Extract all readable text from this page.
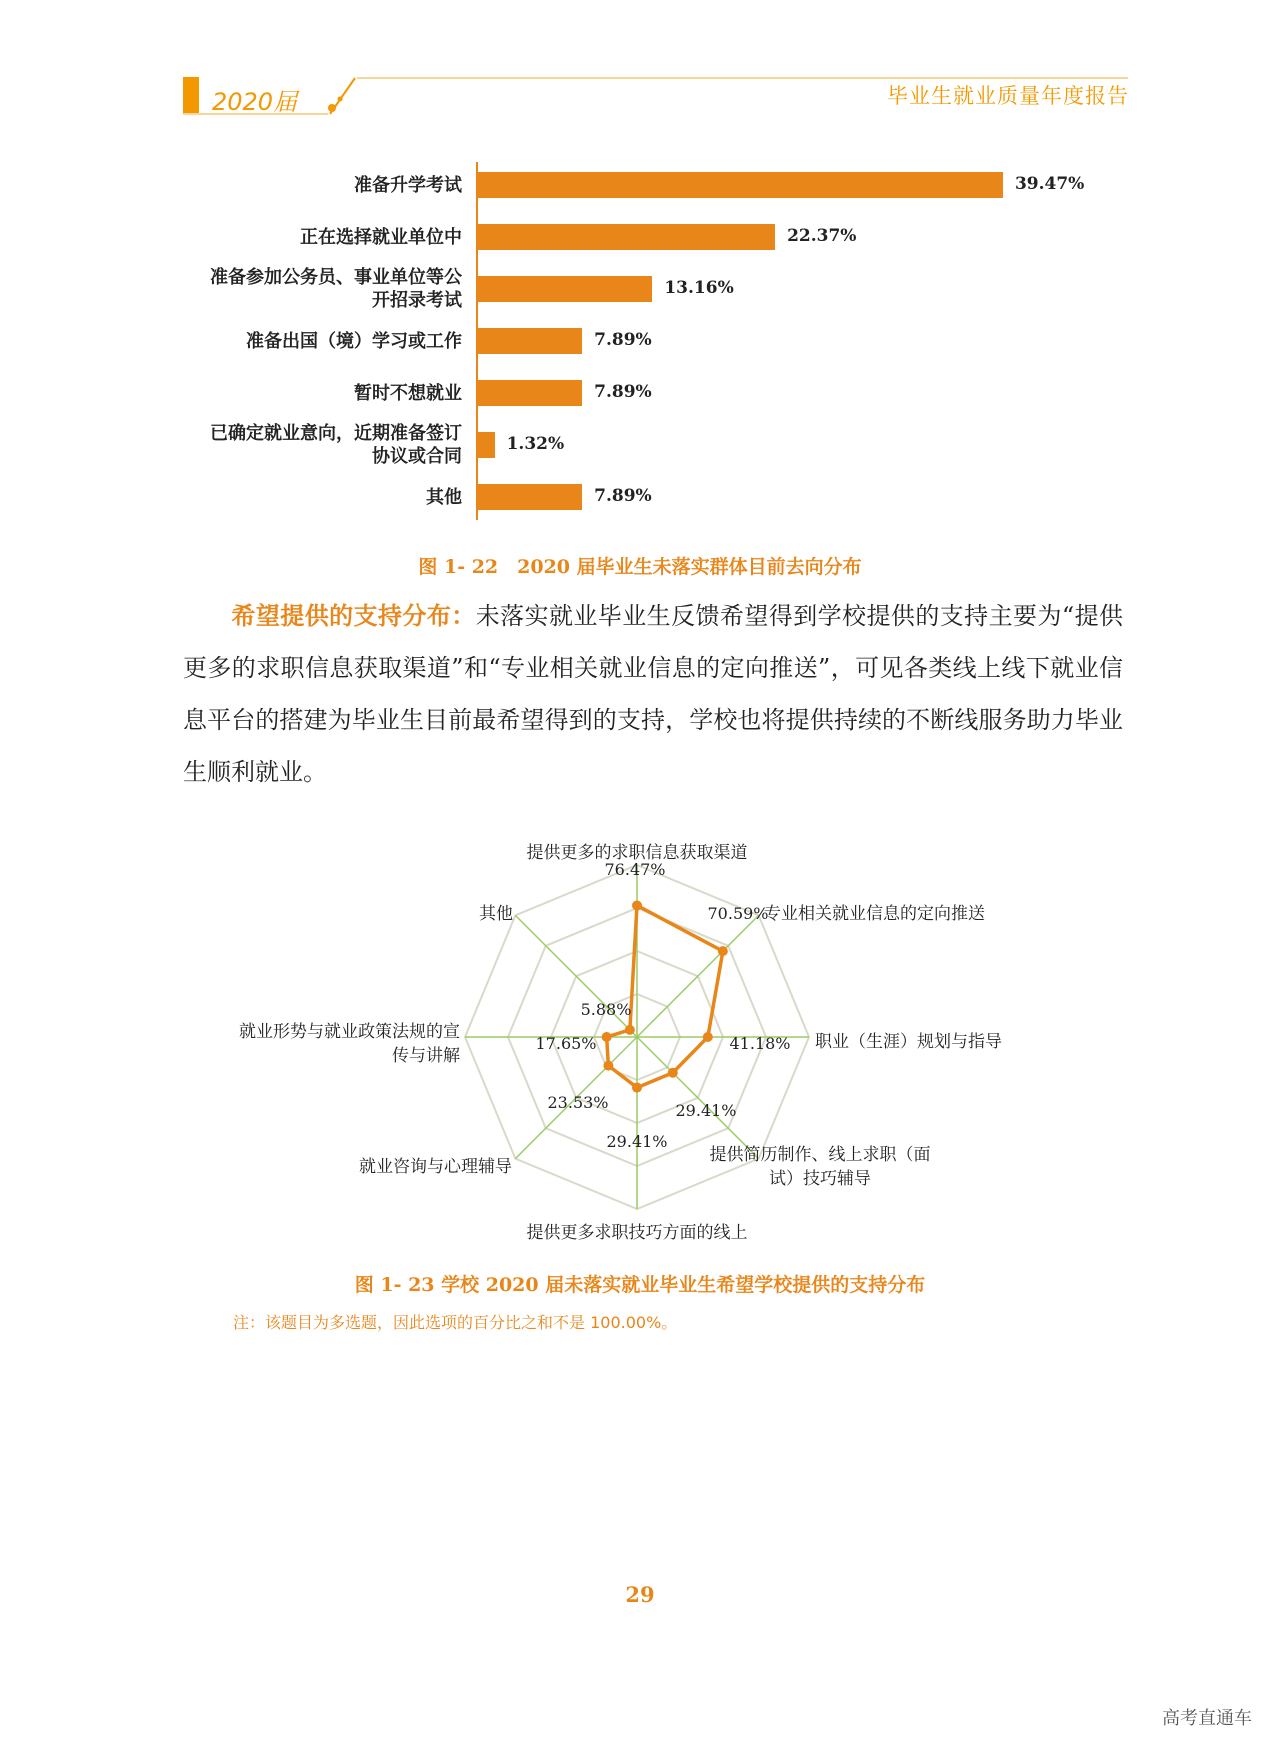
2020届	毕业生就业质量年度报告
准备升学考试	39.47%
正在选择就业单位中	22.37%
准备参加公务员、事业单位等公
开招录考试
13.16%
准备出国（境）学习或工作	7.89%
暂时不想就业	7.89%
已确定就业意向，近期准备签订
协议或合同
1.32%
其他	7.89%
图 1- 22　2020 届毕业生未落实群体目前去向分布
希望提供的支持分布：未落实就业毕业生反馈希望得到学校提供的支持主要为“提供更多的求职信息获取渠道”和“专业相关就业信息的定向推送”，可见各类线上线下就业信息平台的搭建为毕业生目前最希望得到的支持，学校也将提供持续的不断线服务助力毕业生顺利就业。
提供更多的求职信息获取渠道
专业相关就业信息的定向推送
职业（生涯）规划与指导
提供简历制作、线上求职（面
试）技巧辅导
提供更多求职技巧方面的线上
就业咨询与心理辅导
就业形势与就业政策法规的宣
传与讲解
其他
76.47%
70.59%
41.18%
29.41%
29.41%
23.53%
17.65%
5.88%
图 1- 23 学校 2020 届未落实就业毕业生希望学校提供的支持分布
注：该题目为多选题，因此选项的百分比之和不是 100.00%。
29
高考直通车
